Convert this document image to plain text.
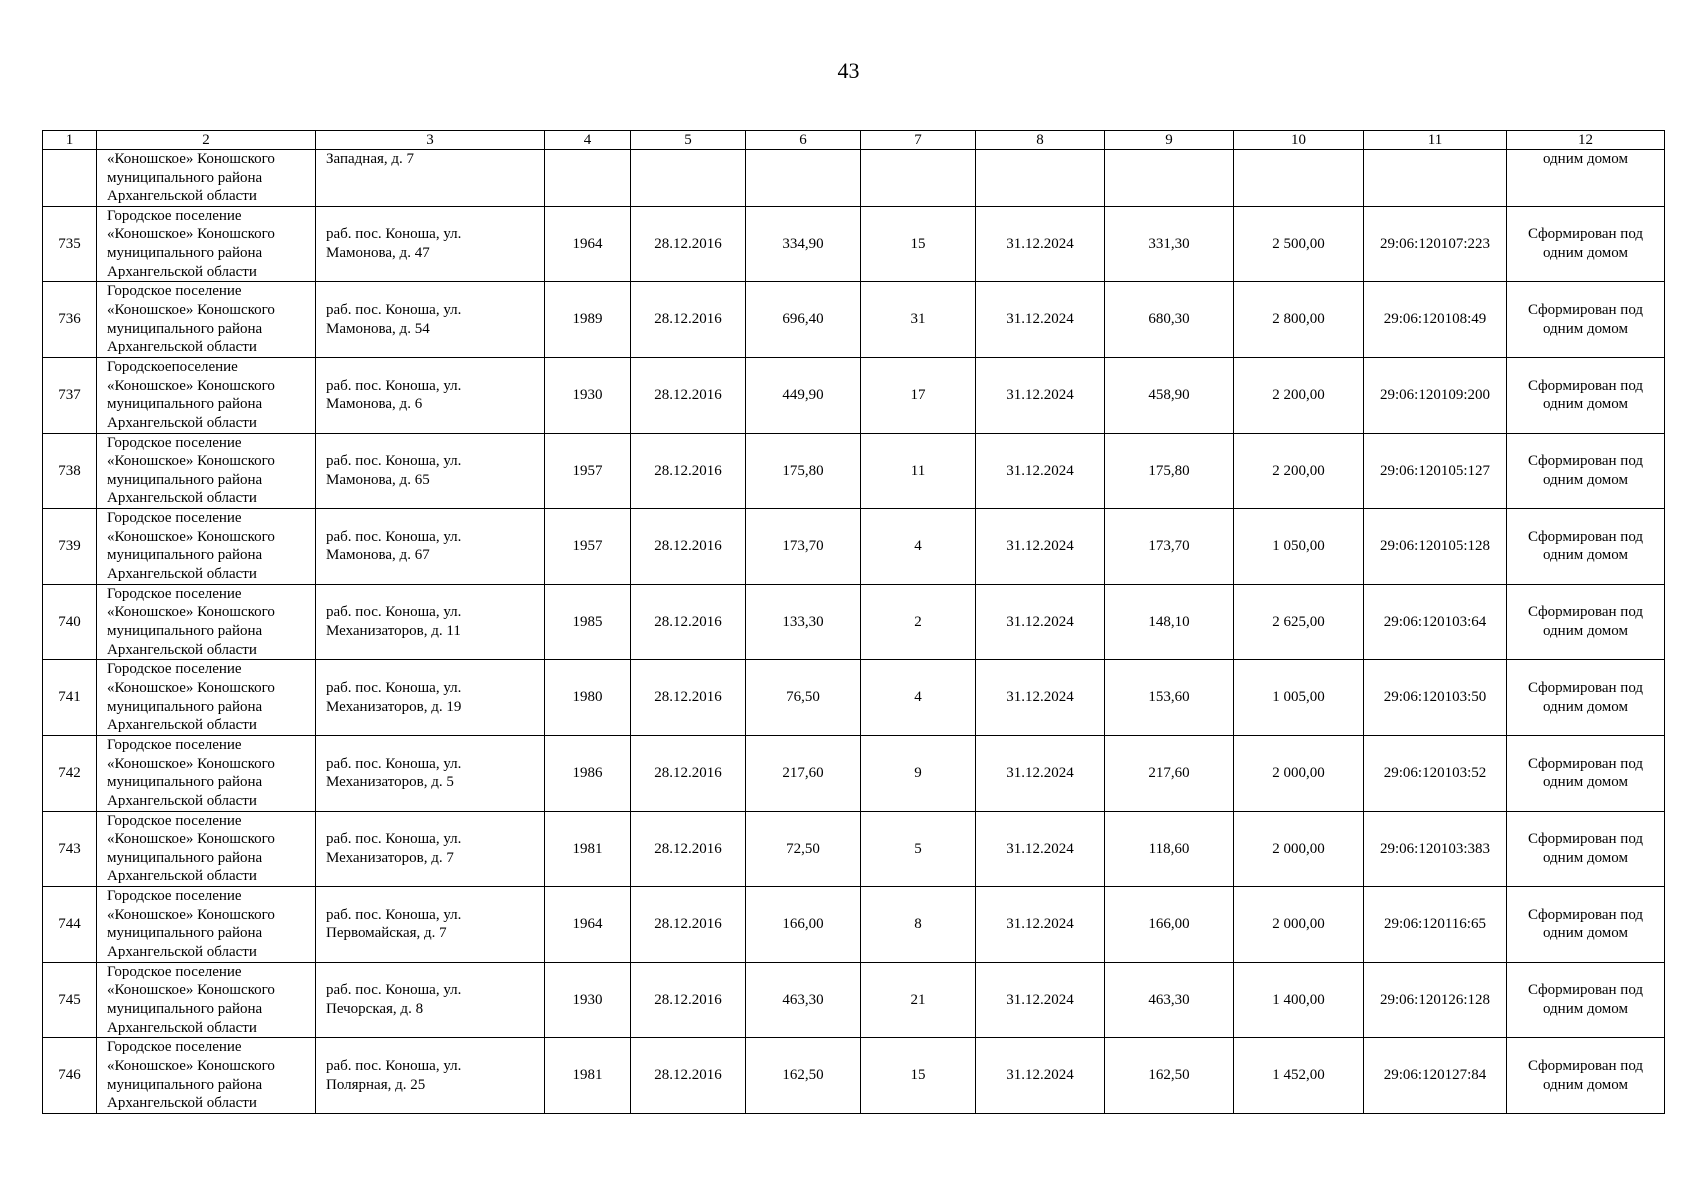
43
1	2	3	4	5	6	7	8	9	10	11	12
	«Коношское» Коношского
муниципального района
Архангельской области	Западная, д. 7									одним домом
735	Городское поселение
«Коношское» Коношского
муниципального района
Архангельской области	раб. пос. Коноша, ул.
Мамонова, д. 47	1964	28.12.2016	334,90	15	31.12.2024	331,30	2 500,00	29:06:120107:223	Сформирован под
одним домом
736	Городское поселение
«Коношское» Коношского
муниципального района
Архангельской области	раб. пос. Коноша, ул.
Мамонова, д. 54	1989	28.12.2016	696,40	31	31.12.2024	680,30	2 800,00	29:06:120108:49	Сформирован под
одним домом
737	Городскоепоселение
«Коношское» Коношского
муниципального района
Архангельской области	раб. пос. Коноша, ул.
Мамонова, д. 6	1930	28.12.2016	449,90	17	31.12.2024	458,90	2 200,00	29:06:120109:200	Сформирован под
одним домом
738	Городское поселение
«Коношское» Коношского
муниципального района
Архангельской области	раб. пос. Коноша, ул.
Мамонова, д. 65	1957	28.12.2016	175,80	11	31.12.2024	175,80	2 200,00	29:06:120105:127	Сформирован под
одним домом
739	Городское поселение
«Коношское» Коношского
муниципального района
Архангельской области	раб. пос. Коноша, ул.
Мамонова, д. 67	1957	28.12.2016	173,70	4	31.12.2024	173,70	1 050,00	29:06:120105:128	Сформирован под
одним домом
740	Городское поселение
«Коношское» Коношского
муниципального района
Архангельской области	раб. пос. Коноша, ул.
Механизаторов, д. 11	1985	28.12.2016	133,30	2	31.12.2024	148,10	2 625,00	29:06:120103:64	Сформирован под
одним домом
741	Городское поселение
«Коношское» Коношского
муниципального района
Архангельской области	раб. пос. Коноша, ул.
Механизаторов, д. 19	1980	28.12.2016	76,50	4	31.12.2024	153,60	1 005,00	29:06:120103:50	Сформирован под
одним домом
742	Городское поселение
«Коношское» Коношского
муниципального района
Архангельской области	раб. пос. Коноша, ул.
Механизаторов, д. 5	1986	28.12.2016	217,60	9	31.12.2024	217,60	2 000,00	29:06:120103:52	Сформирован под
одним домом
743	Городское поселение
«Коношское» Коношского
муниципального района
Архангельской области	раб. пос. Коноша, ул.
Механизаторов, д. 7	1981	28.12.2016	72,50	5	31.12.2024	118,60	2 000,00	29:06:120103:383	Сформирован под
одним домом
744	Городское поселение
«Коношское» Коношского
муниципального района
Архангельской области	раб. пос. Коноша, ул.
Первомайская, д. 7	1964	28.12.2016	166,00	8	31.12.2024	166,00	2 000,00	29:06:120116:65	Сформирован под
одним домом
745	Городское поселение
«Коношское» Коношского
муниципального района
Архангельской области	раб. пос. Коноша, ул.
Печорская, д. 8	1930	28.12.2016	463,30	21	31.12.2024	463,30	1 400,00	29:06:120126:128	Сформирован под
одним домом
746	Городское поселение
«Коношское» Коношского
муниципального района
Архангельской области	раб. пос. Коноша, ул.
Полярная, д. 25	1981	28.12.2016	162,50	15	31.12.2024	162,50	1 452,00	29:06:120127:84	Сформирован под
одним домом
